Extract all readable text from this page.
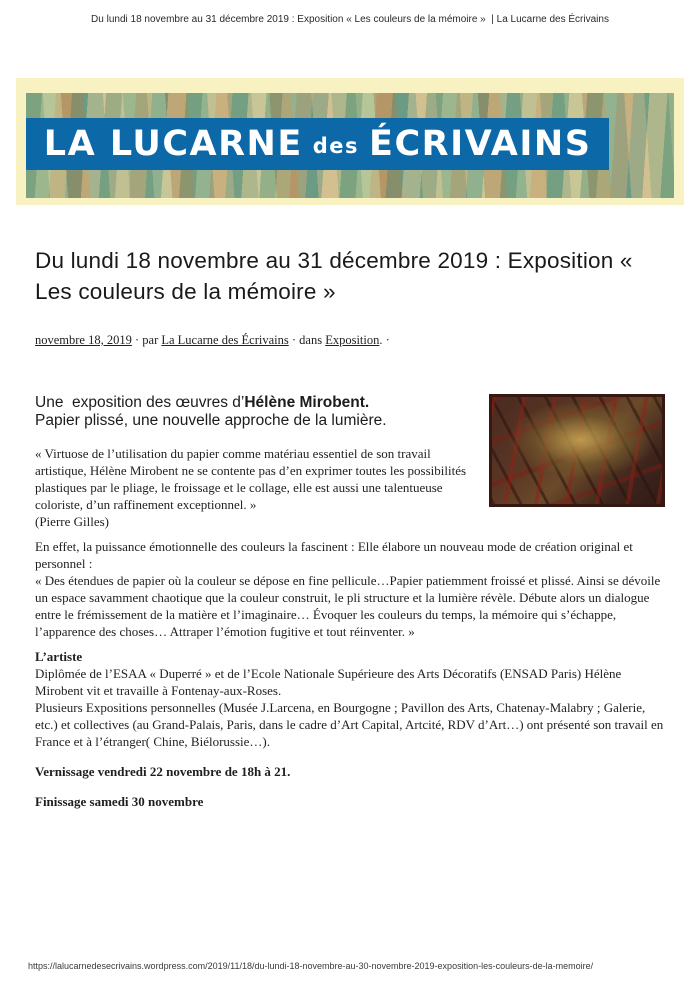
Du lundi 18 novembre au 31 décembre 2019 : Exposition « Les couleurs de la mémoire »  | La Lucarne des Écrivains
LA LUCARNE des ÉCRIVAINS
Du lundi 18 novembre au 31 décembre 2019 : Exposition « Les couleurs de la mémoire »
novembre 18, 2019 · par La Lucarne des Écrivains · dans Exposition. ·

Une  exposition des œuvres d’Hélène Mirobent.
Papier plissé, une nouvelle approche de la lumière.

« Virtuose de l’utilisation du papier comme matériau essentiel de son travail artistique, Hélène Mirobent ne se contente pas d’en exprimer toutes les possibilités plastiques par le pliage, le froissage et le collage, elle est aussi une talentueuse coloriste, d’un raffinement exceptionnel. »
(Pierre Gilles)

En effet, la puissance émotionnelle des couleurs la fascinent : Elle élabore un nouveau mode de création original et personnel :

« Des étendues de papier où la couleur se dépose en fine pellicule…Papier patiemment froissé et plissé. Ainsi se dévoile un espace savamment chaotique que la couleur construit, le pli structure et la lumière révèle. Débute alors un dialogue entre le frémissement de la matière et l’imaginaire… Évoquer les couleurs du temps, la mémoire qui s’échappe, l’apparence des choses… Attraper l’émotion fugitive et tout réinventer. »

L’artiste
Diplômée de l’ESAA « Duperré » et de l’Ecole Nationale Supérieure des Arts Décoratifs (ENSAD Paris) Hélène Mirobent vit et travaille à Fontenay-aux-Roses.
Plusieurs Expositions personnelles (Musée J.Larcena, en Bourgogne ; Pavillon des Arts, Chatenay-Malabry ; Galerie, etc.) et collectives (au Grand-Palais, Paris, dans le cadre d’Art Capital, Artcité, RDV d’Art…) ont présenté son travail en France et à l’étranger( Chine, Biélorussie…).

Vernissage vendredi 22 novembre de 18h à 21.

Finissage samedi 30 novembre

https://lalucarnedesecrivains.wordpress.com/2019/11/18/du-lundi-18-novembre-au-30-novembre-2019-exposition-les-couleurs-de-la-memoire/
